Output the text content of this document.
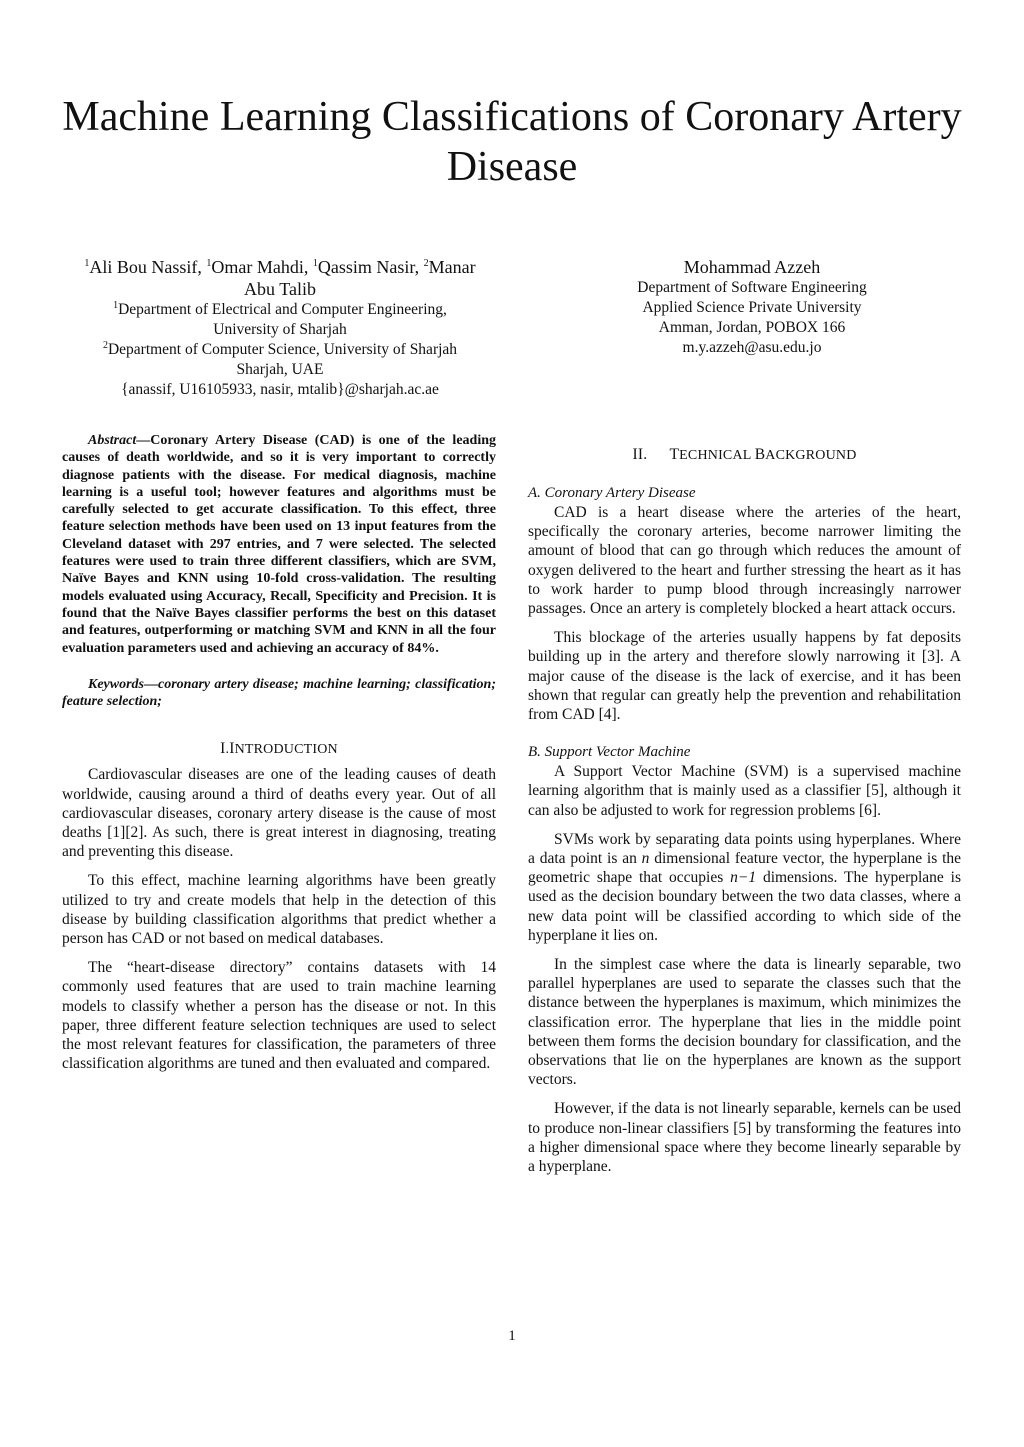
Machine Learning Classifications of Coronary Artery Disease

$^1$Ali Bou Nassif, $^1$Omar Mahdi, $^1$Qassim Nasir, $^2$Manar

Abu Talib

$^1$Department of Electrical and Computer Engineering,

University of Sharjah

$^2$Department of Computer Science, University of Sharjah

Sharjah, UAE

{anassif, U16105933, nasir, mtalib}@sharjah.ac.ae

Mohammad Azzeh

Department of Software Engineering

Applied Science Private University

Amman, Jordan, POBOX 166

m.y.azzeh@asu.edu.jo

Abstract—Coronary Artery Disease (CAD) is one of the leading causes of death worldwide, and so it is very important to correctly diagnose patients with the disease. For medical diagnosis, machine learning is a useful tool; however features and algorithms must be carefully selected to get accurate classification. To this effect, three feature selection methods have been used on 13 input features from the Cleveland dataset with 297 entries, and 7 were selected. The selected features were used to train three different classifiers, which are SVM, Naïve Bayes and KNN using 10-fold cross-validation. The resulting models evaluated using Accuracy, Recall, Specificity and Precision. It is found that the Naïve Bayes classifier performs the best on this dataset and features, outperforming or matching SVM and KNN in all the four evaluation parameters used and achieving an accuracy of 84%.

Keywords—coronary artery disease; machine learning; classification; feature selection;

I.INTRODUCTION

Cardiovascular diseases are one of the leading causes of death worldwide, causing around a third of deaths every year. Out of all cardiovascular diseases, coronary artery disease is the cause of most deaths [1][2]. As such, there is great interest in diagnosing, treating and preventing this disease.

To this effect, machine learning algorithms have been greatly utilized to try and create models that help in the detection of this disease by building classification algorithms that predict whether a person has CAD or not based on medical databases.

The “heart-disease directory” contains datasets with 14 commonly used features that are used to train machine learning models to classify whether a person has the disease or not. In this paper, three different feature selection techniques are used to select the most relevant features for classification, the parameters of three classification algorithms are tuned and then evaluated and compared.

II. TECHNICAL BACKGROUND

A. Coronary Artery Disease

CAD is a heart disease where the arteries of the heart, specifically the coronary arteries, become narrower limiting the amount of blood that can go through which reduces the amount of oxygen delivered to the heart and further stressing the heart as it has to work harder to pump blood through increasingly narrower passages. Once an artery is completely blocked a heart attack occurs.

This blockage of the arteries usually happens by fat deposits building up in the artery and therefore slowly narrowing it [3]. A major cause of the disease is the lack of exercise, and it has been shown that regular can greatly help the prevention and rehabilitation from CAD [4].

B. Support Vector Machine

A Support Vector Machine (SVM) is a supervised machine learning algorithm that is mainly used as a classifier [5], although it can also be adjusted to work for regression problems [6].

SVMs work by separating data points using hyperplanes. Where a data point is an n dimensional feature vector, the hyperplane is the geometric shape that occupies n−1 dimensions. The hyperplane is used as the decision boundary between the two data classes, where a new data point will be classified according to which side of the hyperplane it lies on.

In the simplest case where the data is linearly separable, two parallel hyperplanes are used to separate the classes such that the distance between the hyperplanes is maximum, which minimizes the classification error. The hyperplane that lies in the middle point between them forms the decision boundary for classification, and the observations that lie on the hyperplanes are known as the support vectors.

However, if the data is not linearly separable, kernels can be used to produce non-linear classifiers [5] by transforming the features into a higher dimensional space where they become linearly separable by a hyperplane.

1
